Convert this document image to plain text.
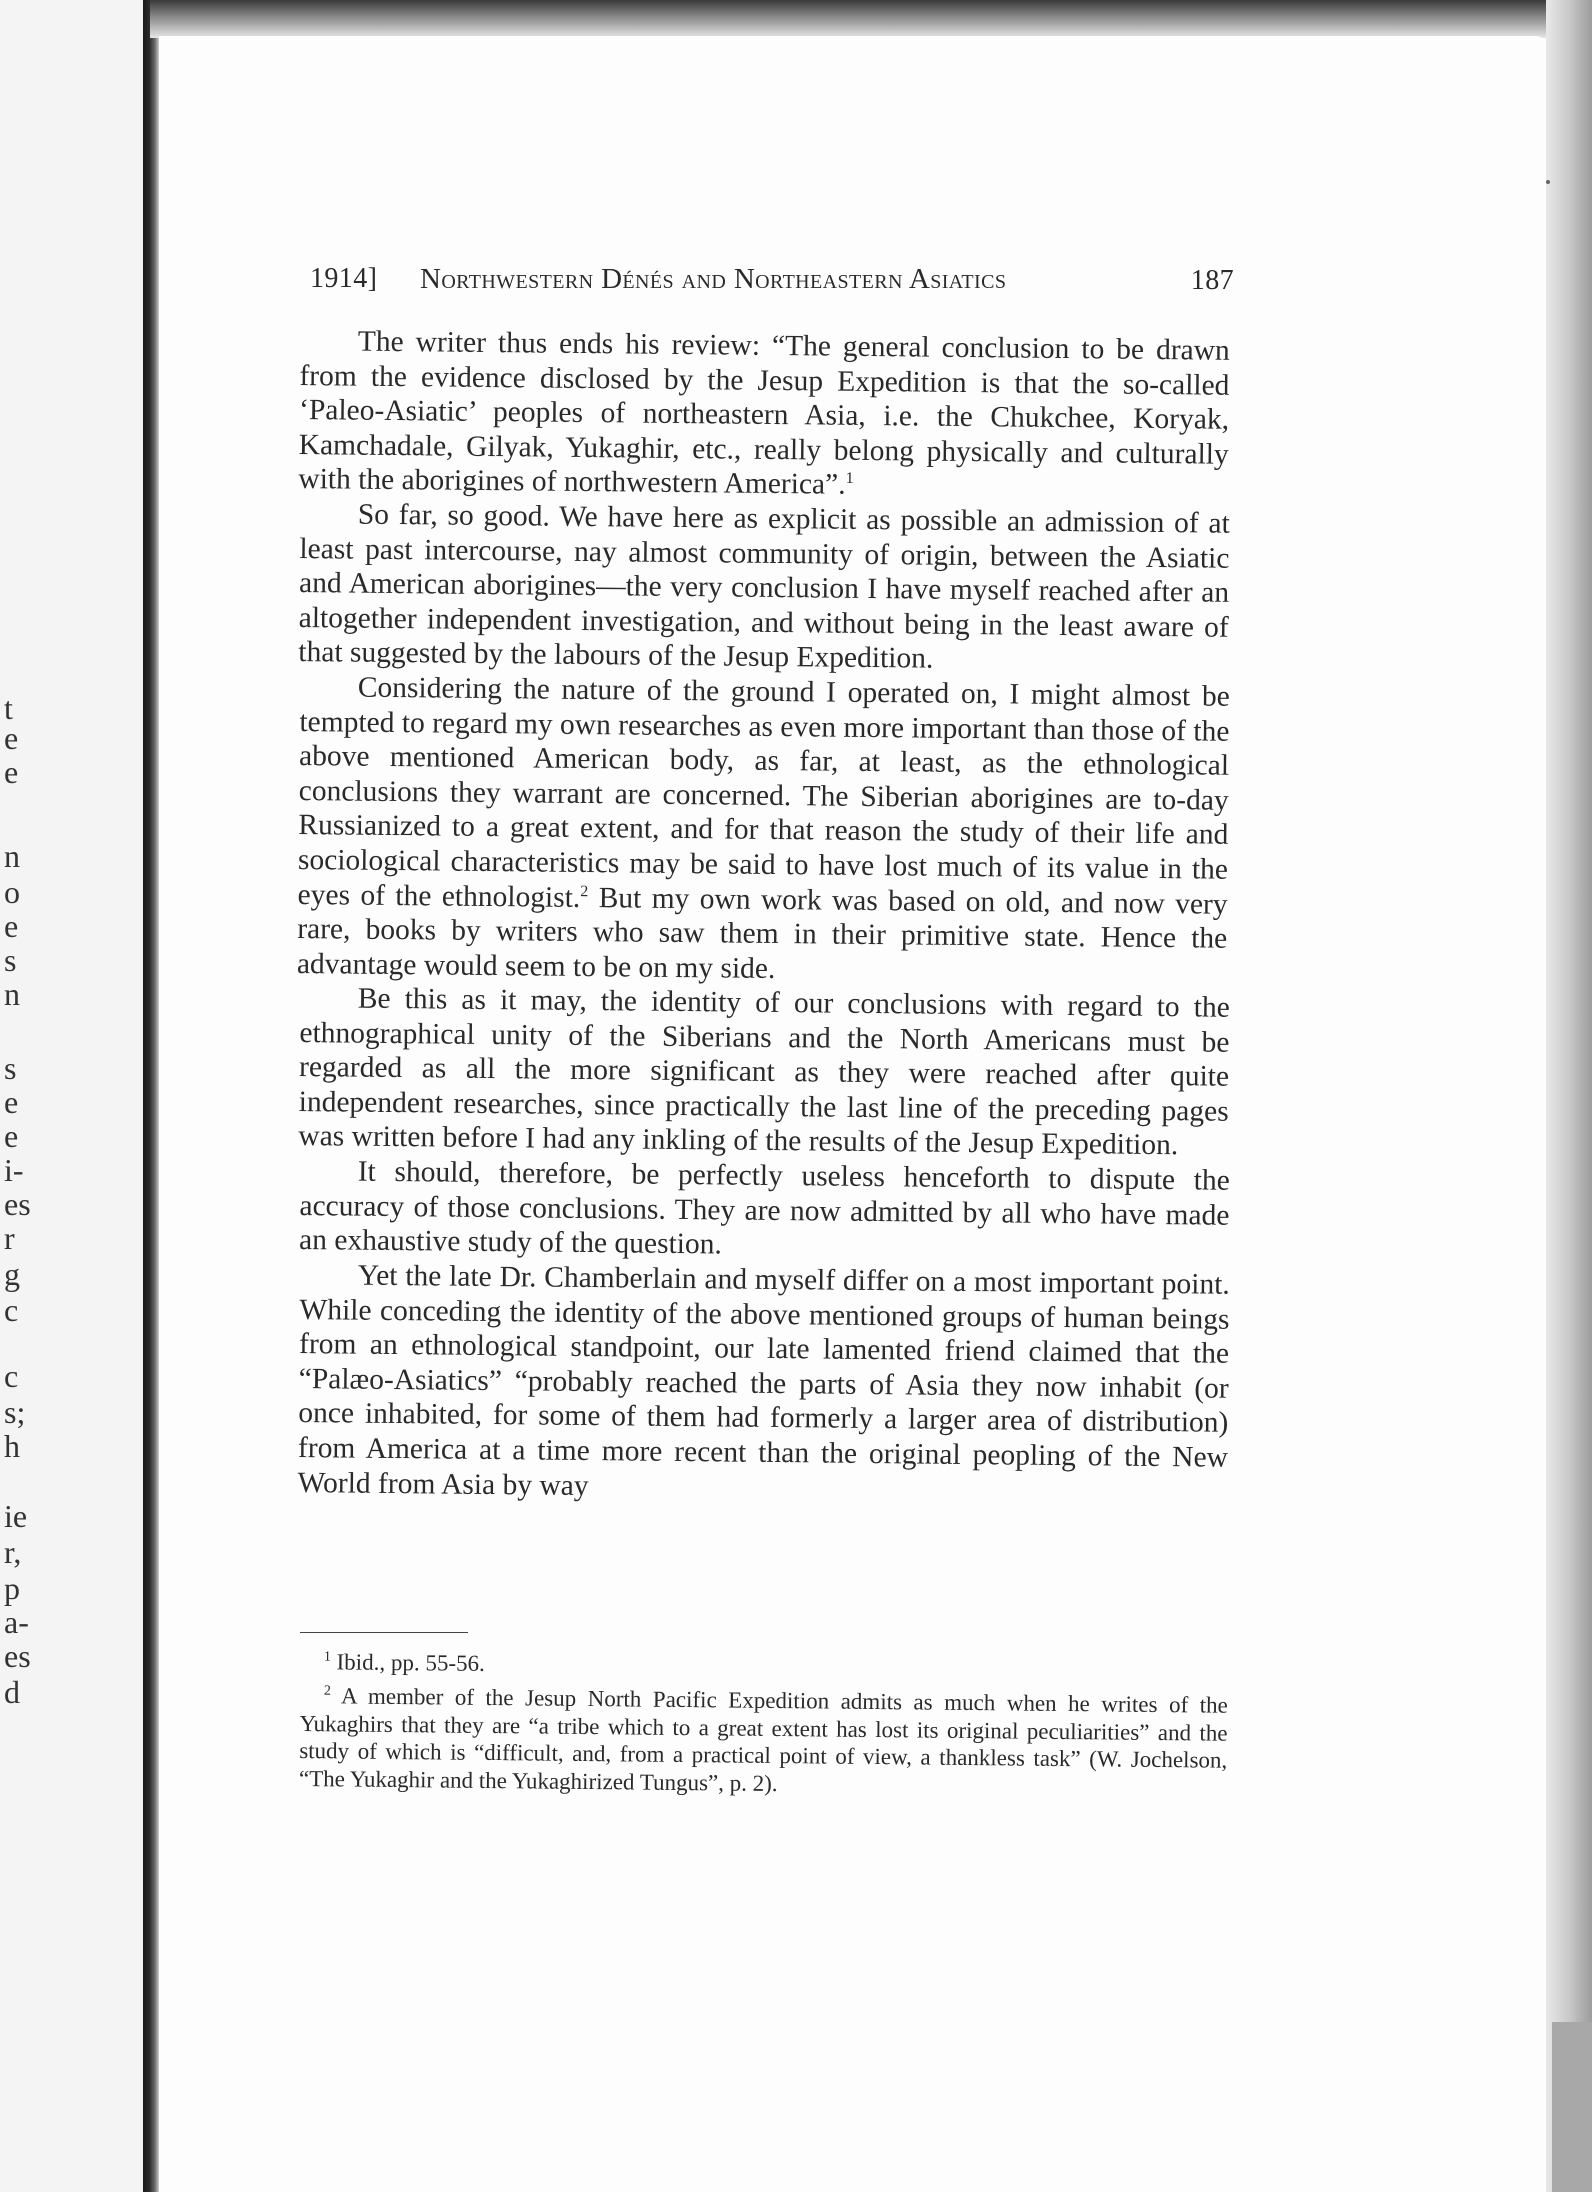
t
e
e
n
o
e
s
n
s
e
e
i-
es
r
g
c
c
s;
h
ie
r,
p
a-
es
d
1914] Northwestern Dénés and Northeastern Asiatics	187

The writer thus ends his review: “The general conclusion to be drawn from the evidence disclosed by the Jesup Expedition is that the so-called ‘Paleo-Asiatic’ peoples of northeastern Asia, i.e. the Chukchee, Koryak, Kamchadale, Gilyak, Yukaghir, etc., really belong physically and culturally with the aborigines of northwestern America”.$^1$

So far, so good. We have here as explicit as possible an admission of at least past intercourse, nay almost community of origin, between the Asiatic and American aborigines—the very conclusion I have myself reached after an altogether independent investigation, and without being in the least aware of that suggested by the labours of the Jesup Expedition.

Considering the nature of the ground I operated on, I might almost be tempted to regard my own researches as even more important than those of the above mentioned American body, as far, at least, as the ethnological conclusions they warrant are concerned. The Siberian aborigines are to-day Russianized to a great extent, and for that reason the study of their life and sociological characteristics may be said to have lost much of its value in the eyes of the ethnologist.$^2$ But my own work was based on old, and now very rare, books by writers who saw them in their primitive state. Hence the advantage would seem to be on my side.

Be this as it may, the identity of our conclusions with regard to the ethnographical unity of the Siberians and the North Americans must be regarded as all the more significant as they were reached after quite independent researches, since practically the last line of the preceding pages was written before I had any inkling of the results of the Jesup Expedition.

It should, therefore, be perfectly useless henceforth to dispute the accuracy of those conclusions. They are now admitted by all who have made an exhaustive study of the question.

Yet the late Dr. Chamberlain and myself differ on a most important point. While conceding the identity of the above mentioned groups of human beings from an ethnological standpoint, our late lamented friend claimed that the “Palæo-Asiatics” “probably reached the parts of Asia they now inhabit (or once inhabited, for some of them had formerly a larger area of distribution) from America at a time more recent than the original peopling of the New World from Asia by way

$^1$ Ibid., pp. 55-56.

$^2$ A member of the Jesup North Pacific Expedition admits as much when he writes of the Yukaghirs that they are “a tribe which to a great extent has lost its original peculiarities” and the study of which is “difficult, and, from a practical point of view, a thankless task” (W. Jochelson, “The Yukaghir and the Yukaghirized Tungus”, p. 2).
